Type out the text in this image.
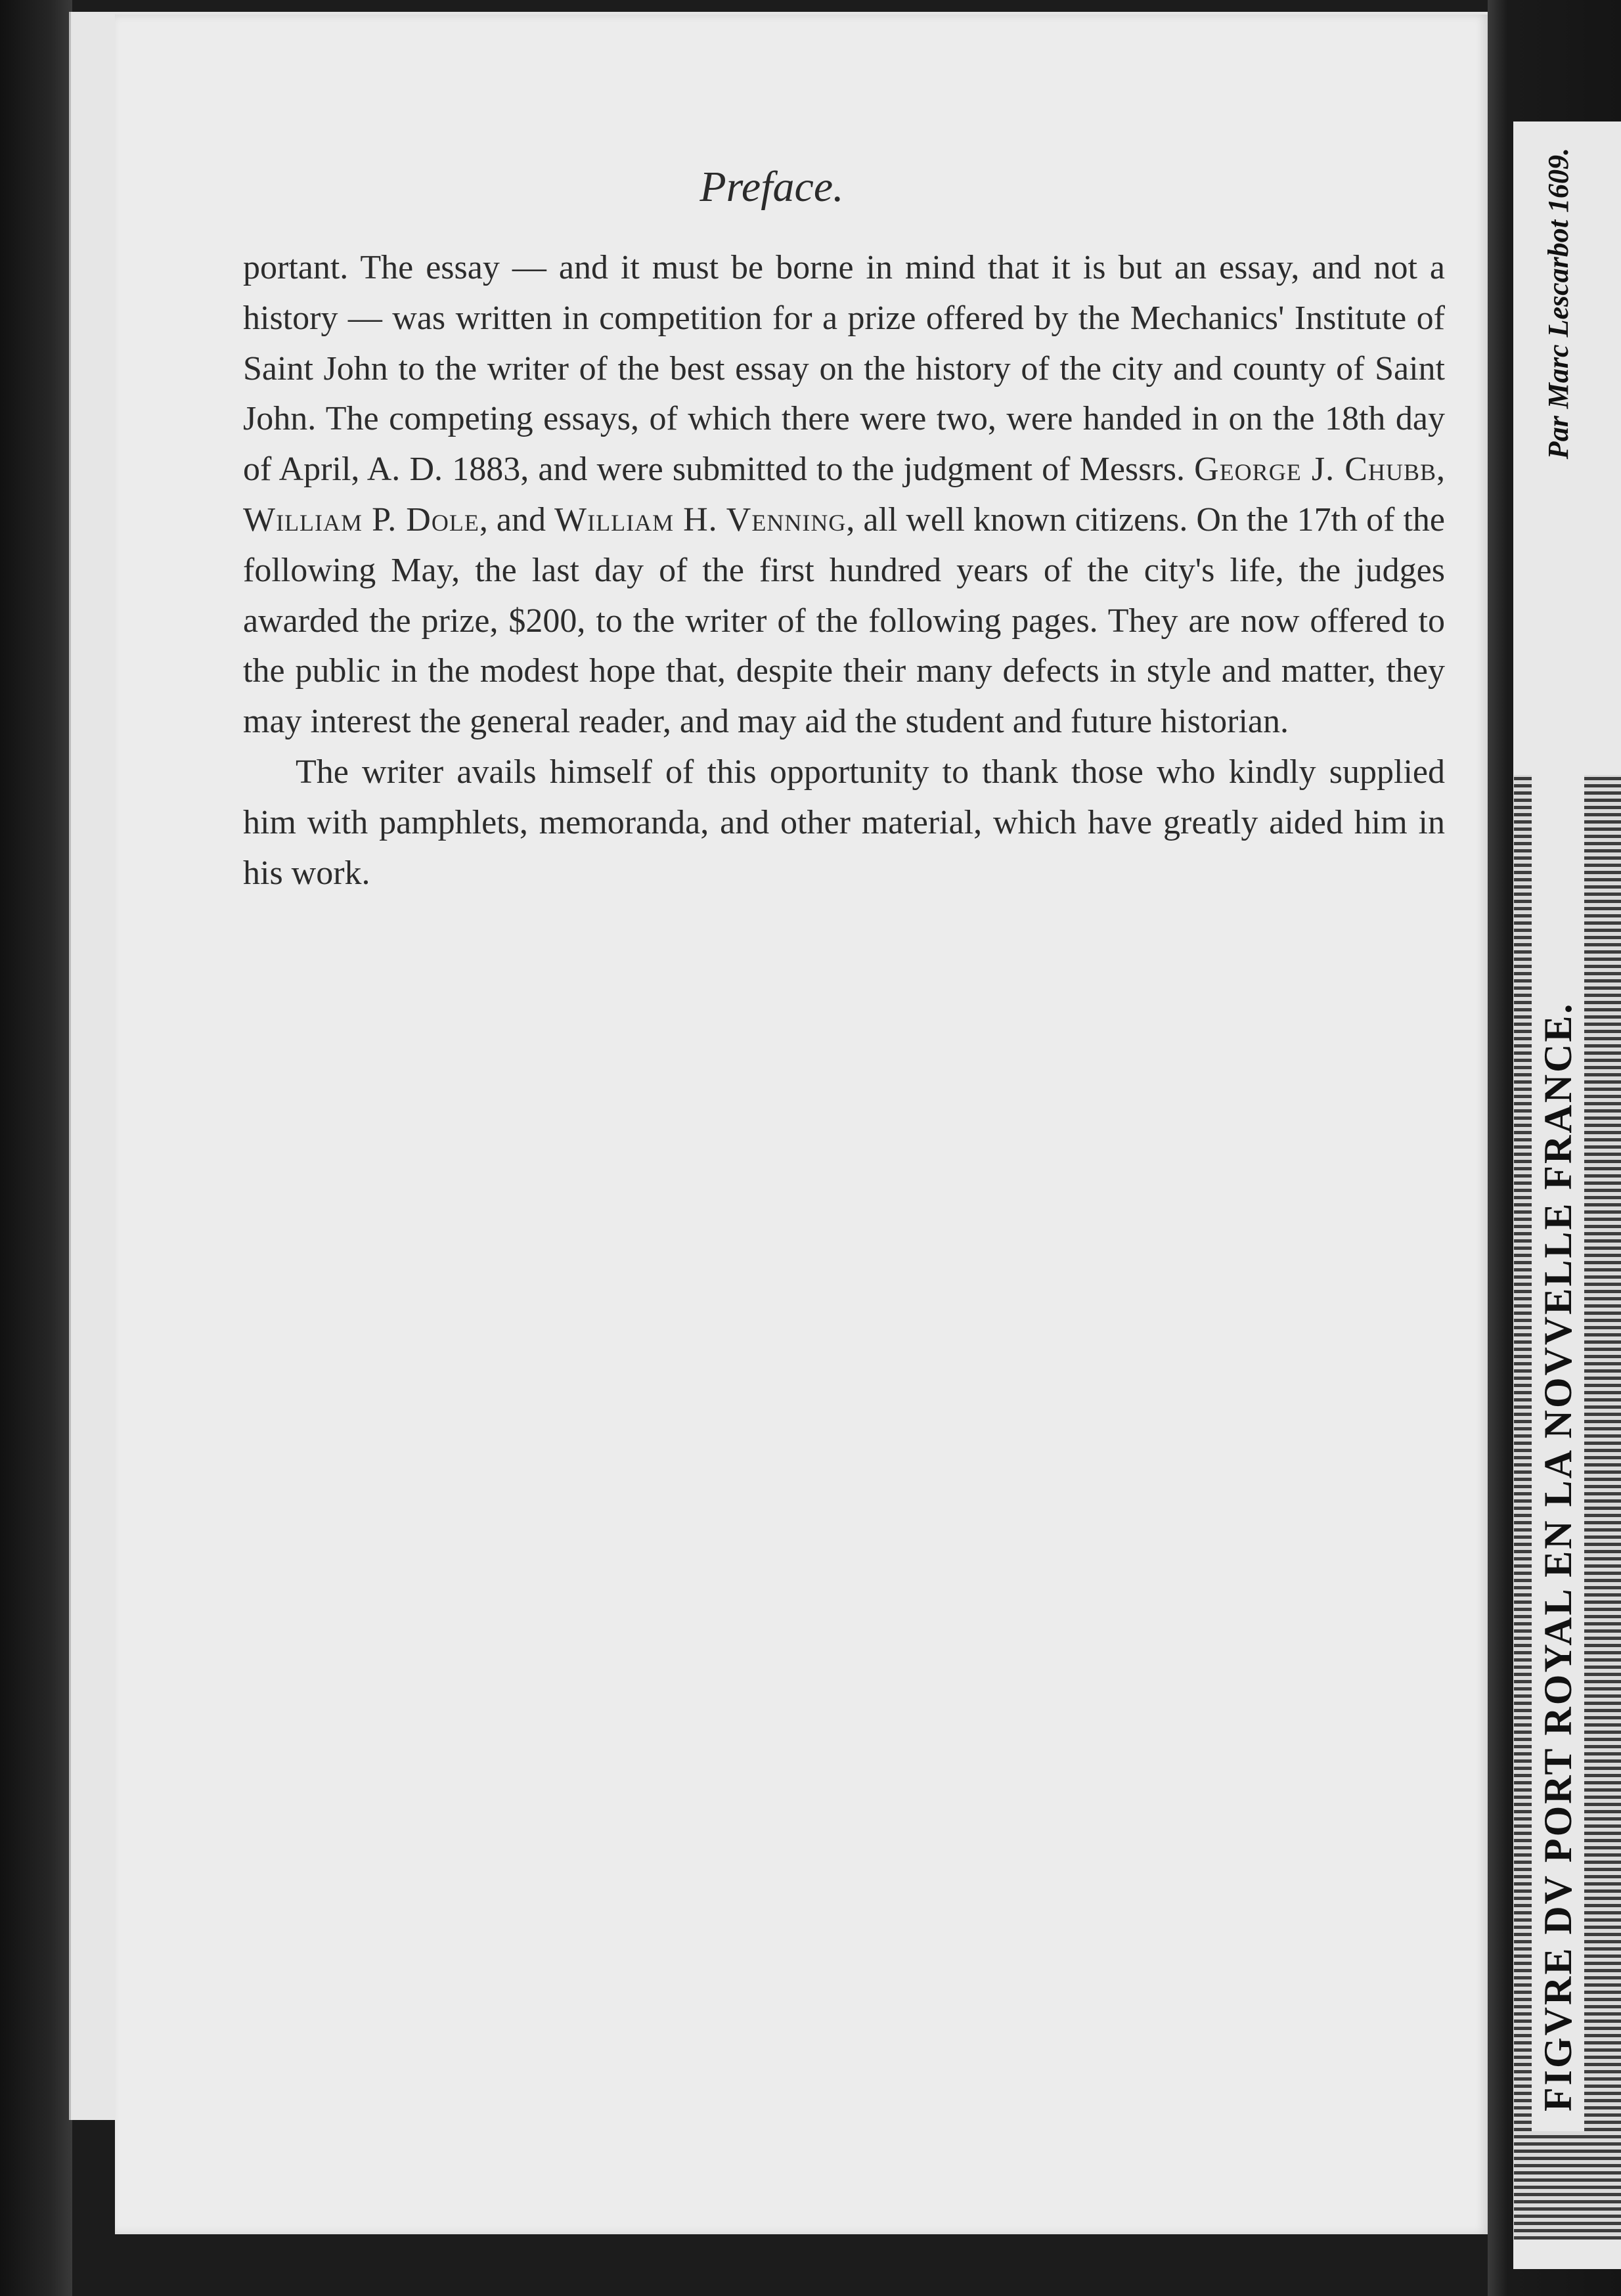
Preface.

portant. The essay — and it must be borne in mind that it is but an essay, and not a history — was written in competition for a prize offered by the Mechanics' Institute of Saint John to the writer of the best essay on the history of the city and county of Saint John. The competing essays, of which there were two, were handed in on the 18th day of April, A. D. 1883, and were submitted to the judgment of Messrs. George J. Chubb, William P. Dole, and William H. Venning, all well known citizens. On the 17th of the following May, the last day of the first hundred years of the city's life, the judges awarded the prize, $200, to the writer of the following pages. They are now offered to the public in the modest hope that, despite their many defects in style and matter, they may interest the general reader, and may aid the student and future historian.

The writer avails himself of this opportunity to thank those who kindly supplied him with pamphlets, memoranda, and other material, which have greatly aided him in his work.

FIGVRE DV PORT ROYAL EN LA NOVVELLE FRANCE.
Par Marc Lescarbot 1609.
